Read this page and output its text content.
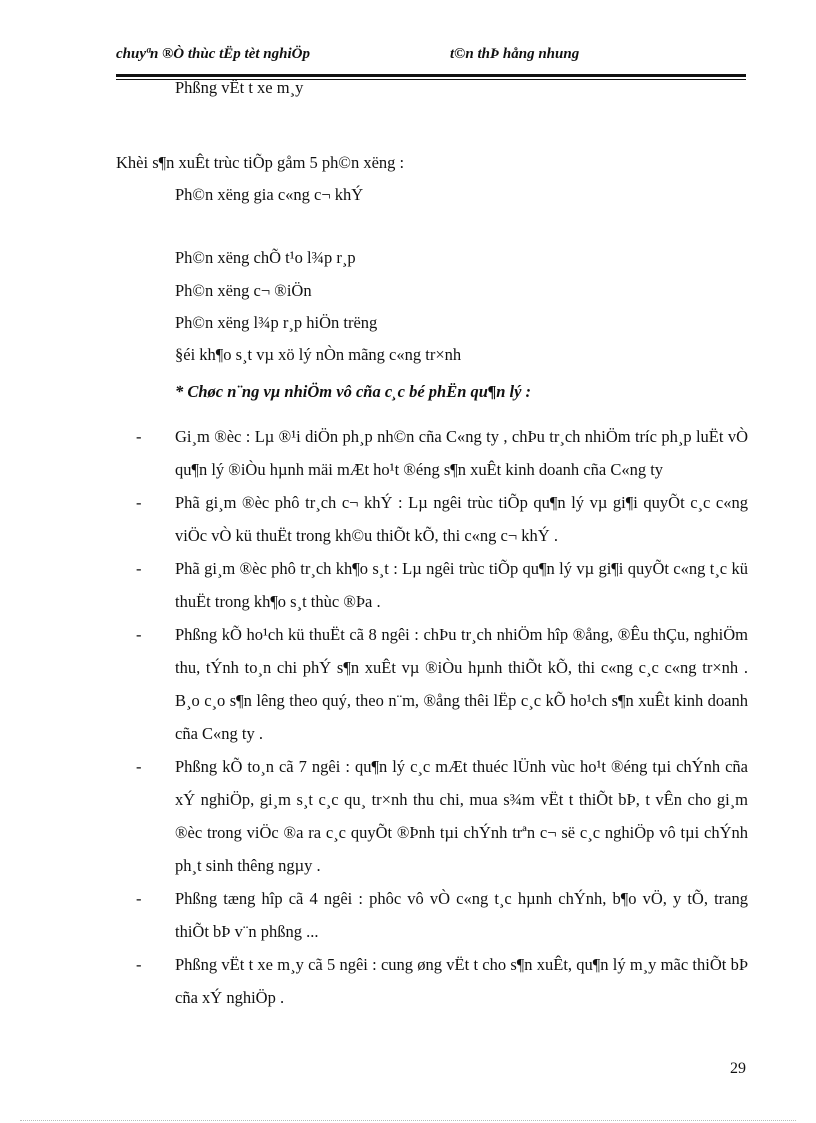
chuyªn ®Ò thùc tËp tèt nghiÖp	t©n thÞ hång nhung
Phßng vËt t xe m¸y
Khèi s¶n xuÊt trùc tiÕp gåm 5 ph©n xëng :
Ph©n xëng gia c«ng c¬ khÝ
Ph©n xëng chÕ t¹o l¾p r¸p
Ph©n xëng c¬ ®iÖn
Ph©n xëng l¾p r¸p hiÖn trëng
§éi kh¶o s¸t vµ xö lý nÒn mãng c«ng tr×nh
* Chøc n¨ng vµ nhiÖm vô cña c¸c bé phËn qu¶n lý :
- Gi¸m ®èc : Lµ ®¹i diÖn ph¸p nh©n cña C«ng ty , chÞu tr¸ch nhiÖm tríc ph¸p luËt vÒ qu¶n lý ®iÒu hµnh mäi mÆt ho¹t ®éng s¶n xuÊt kinh doanh cña C«ng ty
- Phã gi¸m ®èc phô tr¸ch c¬ khÝ : Lµ ngêi trùc tiÕp qu¶n lý vµ gi¶i quyÕt c¸c c«ng viÖc vÒ kü thuËt trong kh©u thiÕt kÕ, thi c«ng c¬ khÝ .
- Phã gi¸m ®èc phô tr¸ch kh¶o s¸t : Lµ ngêi trùc tiÕp qu¶n lý vµ gi¶i quyÕt c«ng t¸c kü thuËt trong kh¶o s¸t thùc ®Þa .
- Phßng kÕ ho¹ch kü thuËt cã 8 ngêi : chÞu tr¸ch nhiÖm hîp ®ång, ®Êu thÇu, nghiÖm thu, tÝnh to¸n chi phÝ s¶n xuÊt vµ ®iÒu hµnh thiÕt kÕ, thi c«ng c¸c c«ng tr×nh . B¸o c¸o s¶n lêng theo quý, theo n¨m, ®ång thêi lËp c¸c kÕ ho¹ch s¶n xuÊt kinh doanh cña C«ng ty .
- Phßng kÕ to¸n cã 7 ngêi : qu¶n lý c¸c mÆt thuéc lÜnh vùc ho¹t ®éng tµi chÝnh cña xÝ nghiÖp, gi¸m s¸t c¸c qu¸ tr×nh thu chi, mua s¾m vËt t thiÕt bÞ, t vÊn cho gi¸m ®èc trong viÖc ®a ra c¸c quyÕt ®Þnh tµi chÝnh trªn c¬ së c¸c nghiÖp vô tµi chÝnh ph¸t sinh thêng ngµy .
- Phßng tæng hîp cã 4 ngêi : phôc vô vÒ c«ng t¸c hµnh chÝnh, b¶o vÖ, y tÕ, trang thiÕt bÞ v¨n phßng ...
- Phßng vËt t xe m¸y cã 5 ngêi : cung øng vËt t cho s¶n xuÊt, qu¶n lý m¸y mãc thiÕt bÞ cña xÝ nghiÖp .
29
